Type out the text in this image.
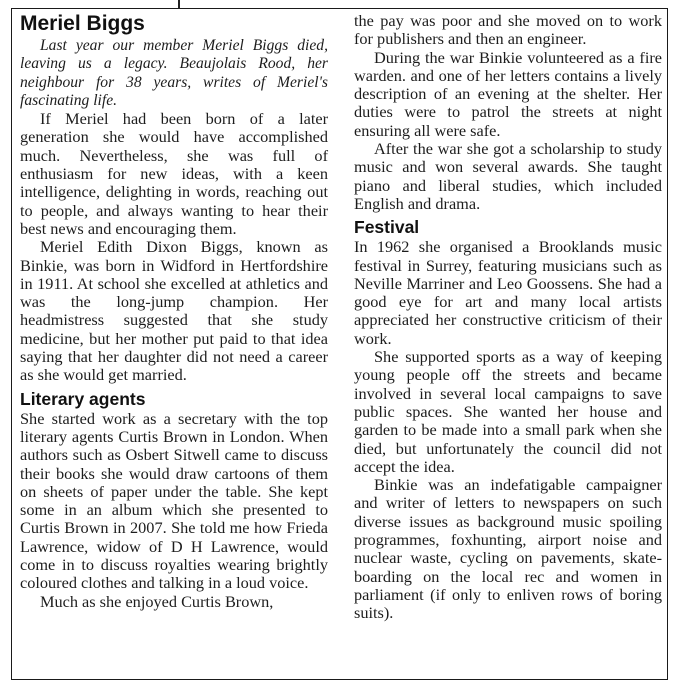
Meriel Biggs

Last year our member Meriel Biggs died, leaving us a legacy. Beaujolais Rood, her neighbour for 38 years, writes of Meriel's fascinating life.

If Meriel had been born of a later generation she would have accomplished much. Nevertheless, she was full of enthusiasm for new ideas, with a keen intelligence, delighting in words, reaching out to people, and always wanting to hear their best news and encouraging them.

Meriel Edith Dixon Biggs, known as Binkie, was born in Widford in Hertfordshire in 1911. At school she excelled at athletics and was the long-jump champion. Her headmistress suggested that she study medicine, but her mother put paid to that idea saying that her daughter did not need a career as she would get married.

Literary agents

She started work as a secretary with the top literary agents Curtis Brown in London. When authors such as Osbert Sitwell came to discuss their books she would draw cartoons of them on sheets of paper under the table. She kept some in an album which she presented to Curtis Brown in 2007. She told me how Frieda Lawrence, widow of D H Lawrence, would come in to discuss royalties wearing brightly coloured clothes and talking in a loud voice.

Much as she enjoyed Curtis Brown,

the pay was poor and she moved on to work for publishers and then an engineer.

During the war Binkie volunteered as a fire warden. and one of her letters contains a lively description of an evening at the shelter. Her duties were to patrol the streets at night ensuring all were safe.

After the war she got a scholarship to study music and won several awards. She taught piano and liberal studies, which included English and drama.

Festival

In 1962 she organised a Brooklands music festival in Surrey, featuring musicians such as Neville Marriner and Leo Goossens. She had a good eye for art and many local artists appreciated her constructive criticism of their work.

She supported sports as a way of keeping young people off the streets and became involved in several local campaigns to save public spaces. She wanted her house and garden to be made into a small park when she died, but unfortunately the council did not accept the idea.

Binkie was an indefatigable campaigner and writer of letters to newspapers on such diverse issues as background music spoiling programmes, foxhunting, airport noise and nuclear waste, cycling on pavements, skate-boarding on the local rec and women in parliament (if only to enliven rows of boring suits).
